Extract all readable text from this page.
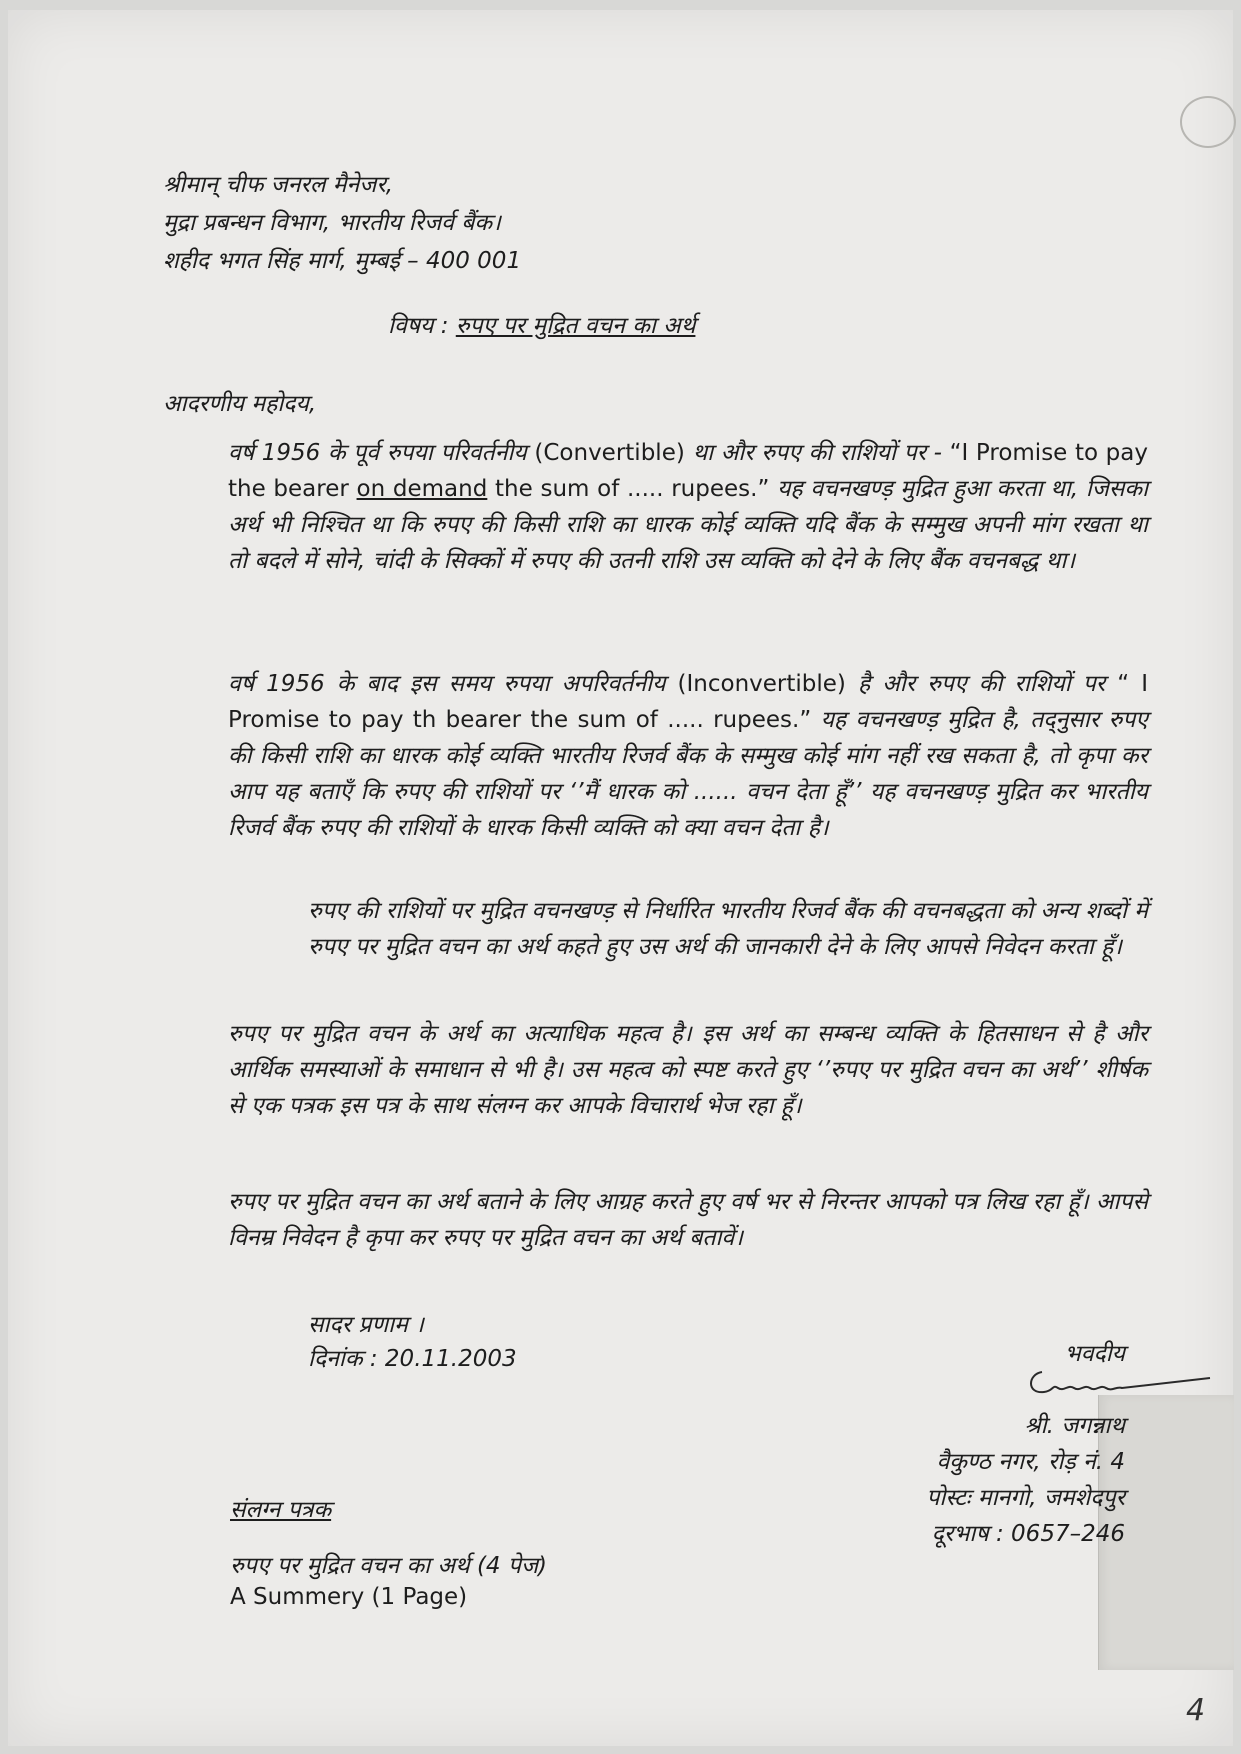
श्रीमान् चीफ जनरल मैनेजर,
मुद्रा प्रबन्धन विभाग, भारतीय रिजर्व बैंक।
शहीद भगत सिंह मार्ग, मुम्बई – 400 001
विषय : रुपए पर मुद्रित वचन का अर्थ
आदरणीय महोदय,
वर्ष 1956 के पूर्व रुपया परिवर्तनीय (Convertible) था और रुपए की राशियों पर - “I Promise to pay the bearer on demand the sum of ..... rupees.” यह वचनखण्ड़ मुद्रित हुआ करता था, जिसका अर्थ भी निश्चित था कि रुपए की किसी राशि का धारक कोई व्यक्ति यदि बैंक के सम्मुख अपनी मांग रखता था तो बदले में सोने, चांदी के सिक्कों में रुपए की उतनी राशि उस व्यक्ति को देने के लिए बैंक वचनबद्ध था।
वर्ष 1956 के बाद इस समय रुपया अपरिवर्तनीय (Inconvertible) है और रुपए की राशियों पर “ I Promise to pay th bearer the sum of ..... rupees.” यह वचनखण्ड़ मुद्रित है, तद्नुसार रुपए की किसी राशि का धारक कोई व्यक्ति भारतीय रिजर्व बैंक के सम्मुख कोई मांग नहीं रख सकता है, तो कृपा कर आप यह बताएँ कि रुपए की राशियों पर ‘’मैं धारक को ...... वचन देता हूँ’’ यह वचनखण्ड़ मुद्रित कर भारतीय रिजर्व बैंक रुपए की राशियों के धारक किसी व्यक्ति को क्या वचन देता है।
रुपए की राशियों पर मुद्रित वचनखण्ड़ से निर्धारित भारतीय रिजर्व बैंक की वचनबद्धता को अन्य शब्दों में रुपए पर मुद्रित वचन का अर्थ कहते हुए उस अर्थ की जानकारी देने के लिए आपसे निवेदन करता हूँ।
रुपए पर मुद्रित वचन के अर्थ का अत्याधिक महत्व है। इस अर्थ का सम्बन्ध व्यक्ति के हितसाधन से है और आर्थिक समस्याओं के समाधान से भी है। उस महत्व को स्पष्ट करते हुए ‘’रुपए पर मुद्रित वचन का अर्थ’’ शीर्षक से एक पत्रक इस पत्र के साथ संलग्न कर आपके विचारार्थ भेज रहा हूँ।
रुपए पर मुद्रित वचन का अर्थ बताने के लिए आग्रह करते हुए वर्ष भर से निरन्तर आपको पत्र लिख रहा हूँ। आपसे विनम्र निवेदन है कृपा कर रुपए पर मुद्रित वचन का अर्थ बतावें।
सादर प्रणाम ।
दिनांक : 20.11.2003	भवदीय
श्री. जगन्नाथ
वैकुण्ठ नगर, रोड़ नं. 4
पोस्टः मानगो, जमशेदपुर
दूरभाष : 0657–246
संलग्न पत्रक
रुपए पर मुद्रित वचन का अर्थ (4 पेज)
A Summery (1 Page)
4
